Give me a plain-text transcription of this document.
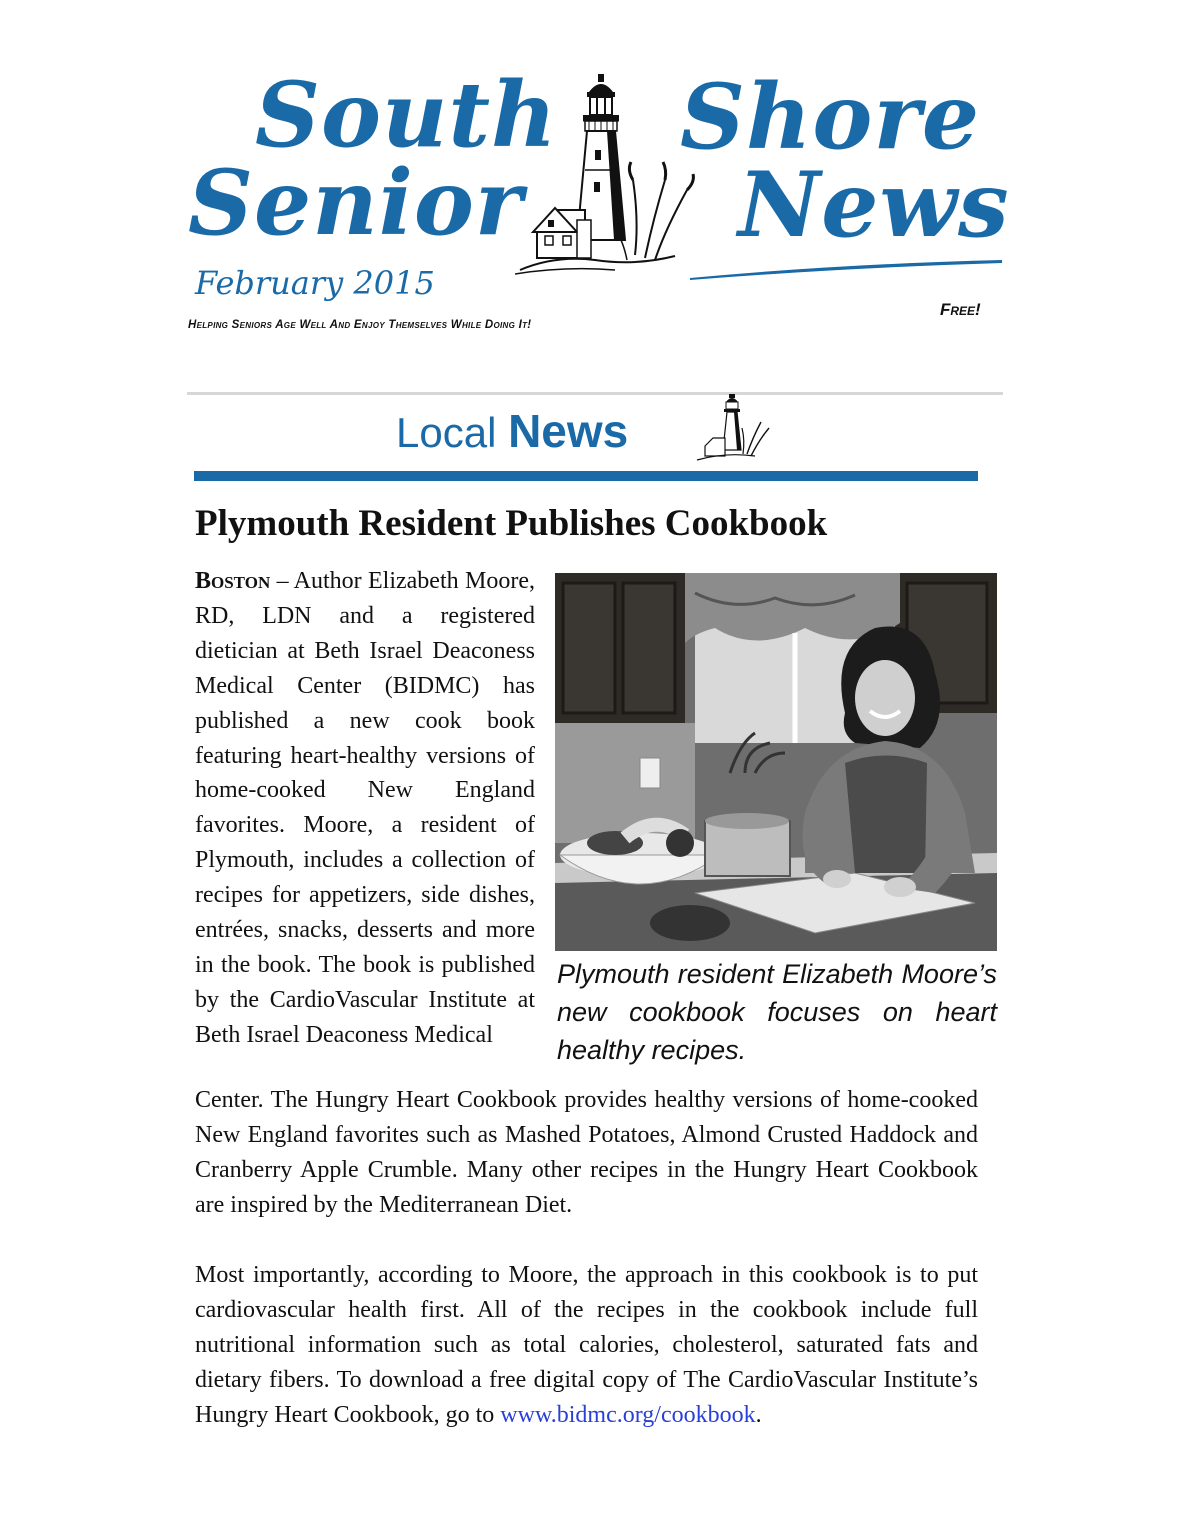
South Shore
Senior News
February 2015
Free!
Helping Seniors Age Well And Enjoy Themselves While Doing It!
Local News
Plymouth Resident Publishes Cookbook
Boston – Author Elizabeth Moore, RD, LDN and a registered dietician at Beth Israel Deaconess Medical Center (BIDMC) has published a new cook book featuring heart-healthy versions of home-cooked New England favorites. Moore, a resident of Plymouth, includes a collection of recipes for appetizers, side dishes, entrées, snacks, desserts and more in the book. The book is published by the CardioVascular Institute at Beth Israel Deaconess Medical
Plymouth resident Elizabeth Moore’s new cookbook focuses on heart healthy recipes.
Center. The Hungry Heart Cookbook provides healthy versions of home-cooked New England favorites such as Mashed Potatoes, Almond Crusted Haddock and Cranberry Apple Crumble. Many other recipes in the Hungry Heart Cookbook are inspired by the Mediterranean Diet.
Most importantly, according to Moore, the approach in this cookbook is to put cardiovascular health first. All of the recipes in the cookbook include full nutritional information such as total calories, cholesterol, saturated fats and dietary fibers. To download a free digital copy of The CardioVascular Institute’s Hungry Heart Cookbook, go to www.bidmc.org/cookbook.
